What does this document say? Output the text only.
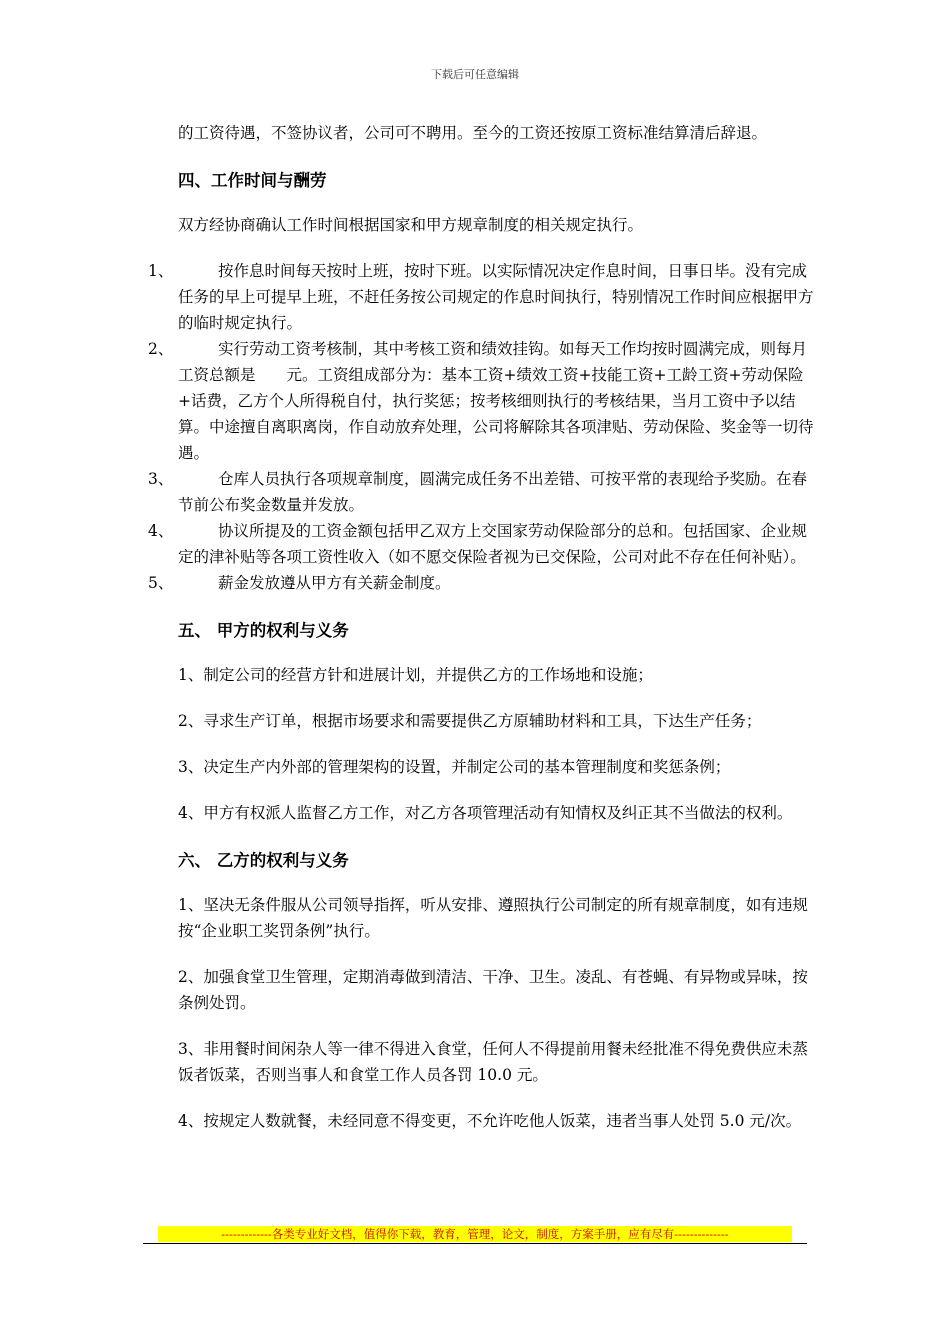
下载后可任意编辑

的工资待遇，不签协议者，公司可不聘用。至今的工资还按原工资标准结算清后辞退。

四、工作时间与酬劳

双方经协商确认工作时间根据国家和甲方规章制度的相关规定执行。

1、	按作息时间每天按时上班，按时下班。以实际情况决定作息时间，日事日毕。没有完成任务的早上可提早上班，不赶任务按公司规定的作息时间执行，特别情况工作时间应根据甲方的临时规定执行。
2、	实行劳动工资考核制，其中考核工资和绩效挂钩。如每天工作均按时圆满完成，则每月工资总额是　　元。工资组成部分为：基本工资+绩效工资+技能工资+工龄工资+劳动保险+话费，乙方个人所得税自付，执行奖惩；按考核细则执行的考核结果，当月工资中予以结算。中途擅自离职离岗，作自动放弃处理，公司将解除其各项津贴、劳动保险、奖金等一切待遇。
3、	仓库人员执行各项规章制度，圆满完成任务不出差错、可按平常的表现给予奖励。在春节前公布奖金数量并发放。
4、	协议所提及的工资金额包括甲乙双方上交国家劳动保险部分的总和。包括国家、企业规定的津补贴等各项工资性收入（如不愿交保险者视为已交保险，公司对此不存在任何补贴）。
5、	薪金发放遵从甲方有关薪金制度。
五、 甲方的权利与义务

1、制定公司的经营方针和进展计划，并提供乙方的工作场地和设施；

2、寻求生产订单，根据市场要求和需要提供乙方原辅助材料和工具，下达生产任务；

3、决定生产内外部的管理架构的设置，并制定公司的基本管理制度和奖惩条例；

4、甲方有权派人监督乙方工作，对乙方各项管理活动有知情权及纠正其不当做法的权利。

六、 乙方的权利与义务

1、坚决无条件服从公司领导指挥，听从安排、遵照执行公司制定的所有规章制度，如有违规按“企业职工奖罚条例”执行。

2、加强食堂卫生管理，定期消毒做到清洁、干净、卫生。凌乱、有苍蝇、有异物或异味，按条例处罚。

3、非用餐时间闲杂人等一律不得进入食堂，任何人不得提前用餐未经批准不得免费供应未蒸饭者饭菜，否则当事人和食堂工作人员各罚 10.0 元。

4、按规定人数就餐，未经同意不得变更，不允许吃他人饭菜，违者当事人处罚 5.0 元/次。

-------------各类专业好文档，值得你下载，教育，管理，论文，制度，方案手册，应有尽有--------------
